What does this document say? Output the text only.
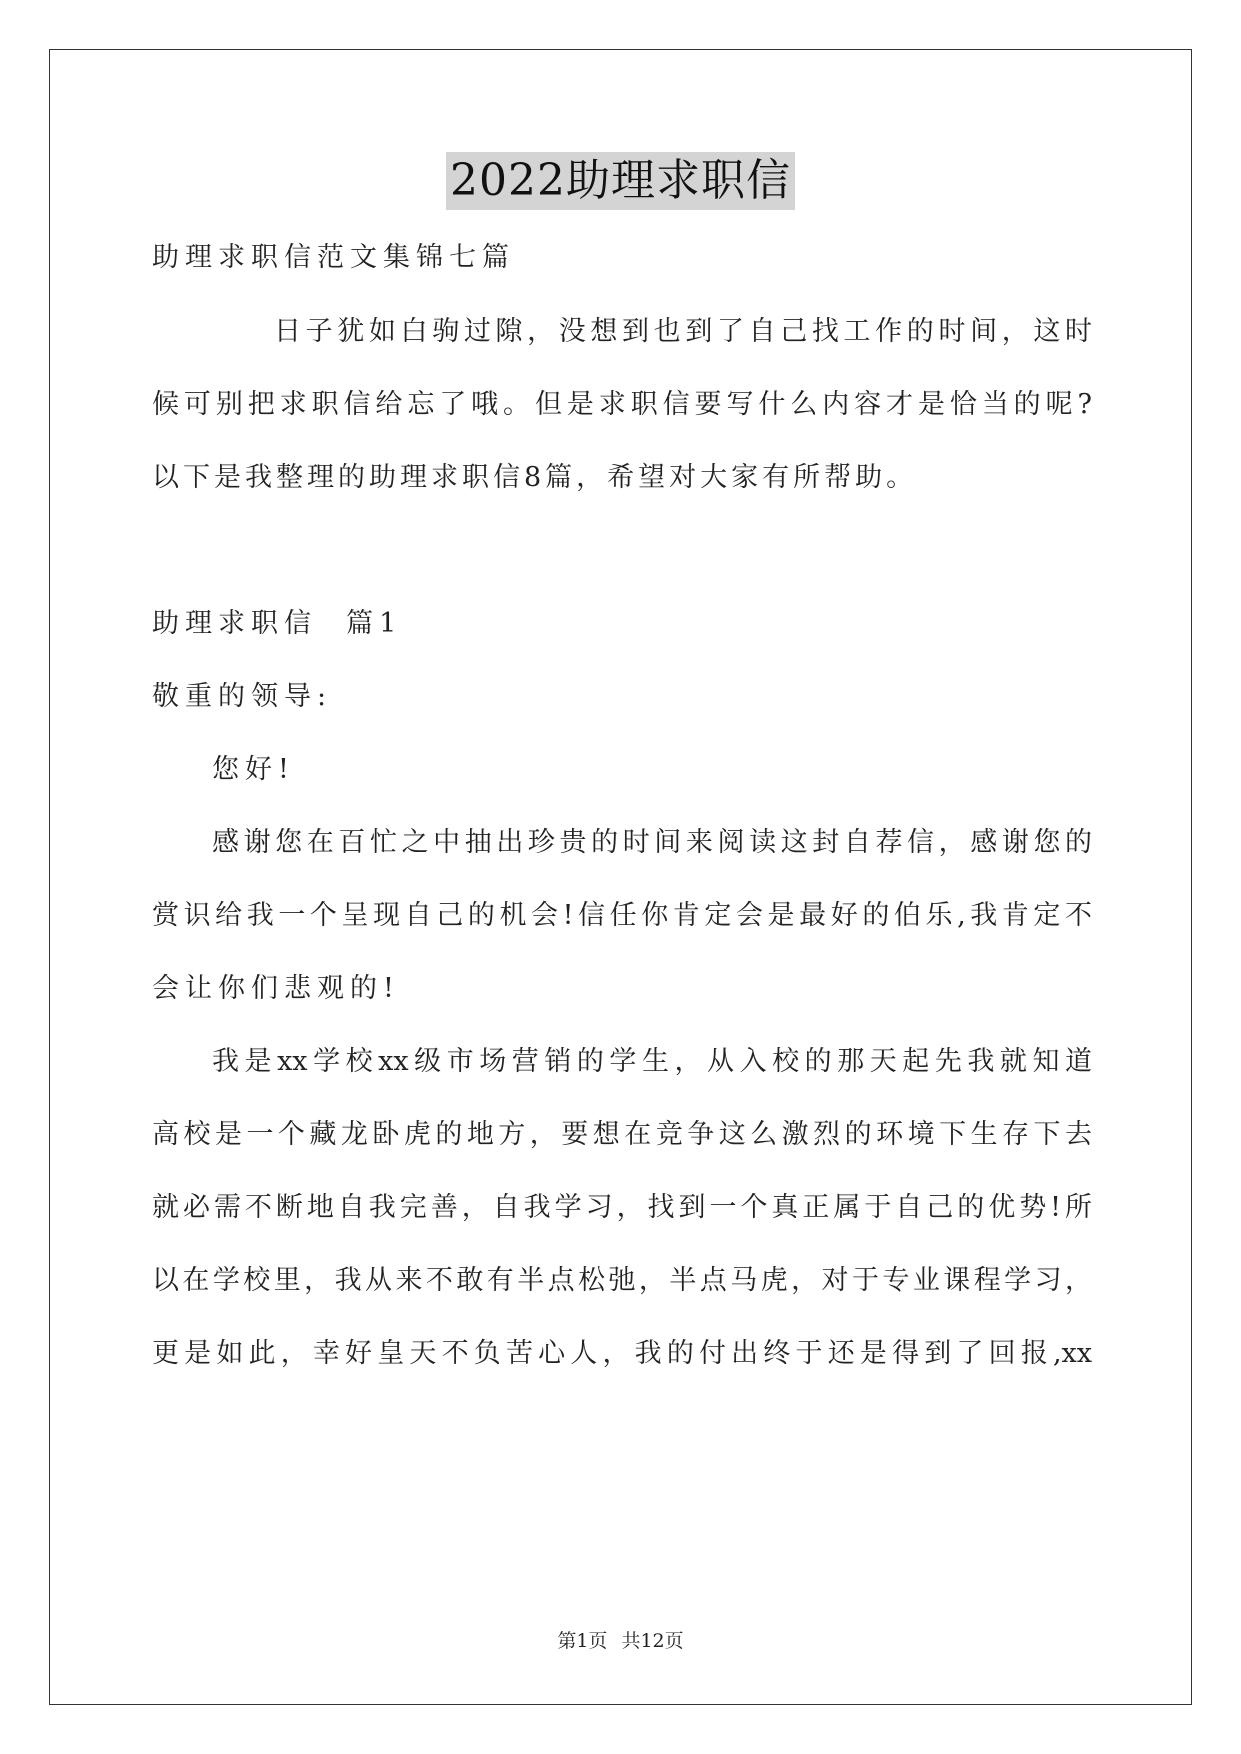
2022助理求职信
助理求职信范文集锦七篇
日子犹如白驹过隙，没想到也到了自己找工作的时间，这时
候可别把求职信给忘了哦。但是求职信要写什么内容才是恰当的呢?
以下是我整理的助理求职信8篇，希望对大家有所帮助。
助理求职信  篇1
敬重的领导:
您好!
感谢您在百忙之中抽出珍贵的时间来阅读这封自荐信，感谢您的
赏识给我一个呈现自己的机会!信任你肯定会是最好的伯乐,我肯定不
会让你们悲观的!
我是xx学校xx级市场营销的学生，从入校的那天起先我就知道
高校是一个藏龙卧虎的地方，要想在竞争这么激烈的环境下生存下去
就必需不断地自我完善，自我学习，找到一个真正属于自己的优势!所
以在学校里，我从来不敢有半点松弛，半点马虎，对于专业课程学习，
更是如此，幸好皇天不负苦心人，我的付出终于还是得到了回报,xx
第1页 共12页
